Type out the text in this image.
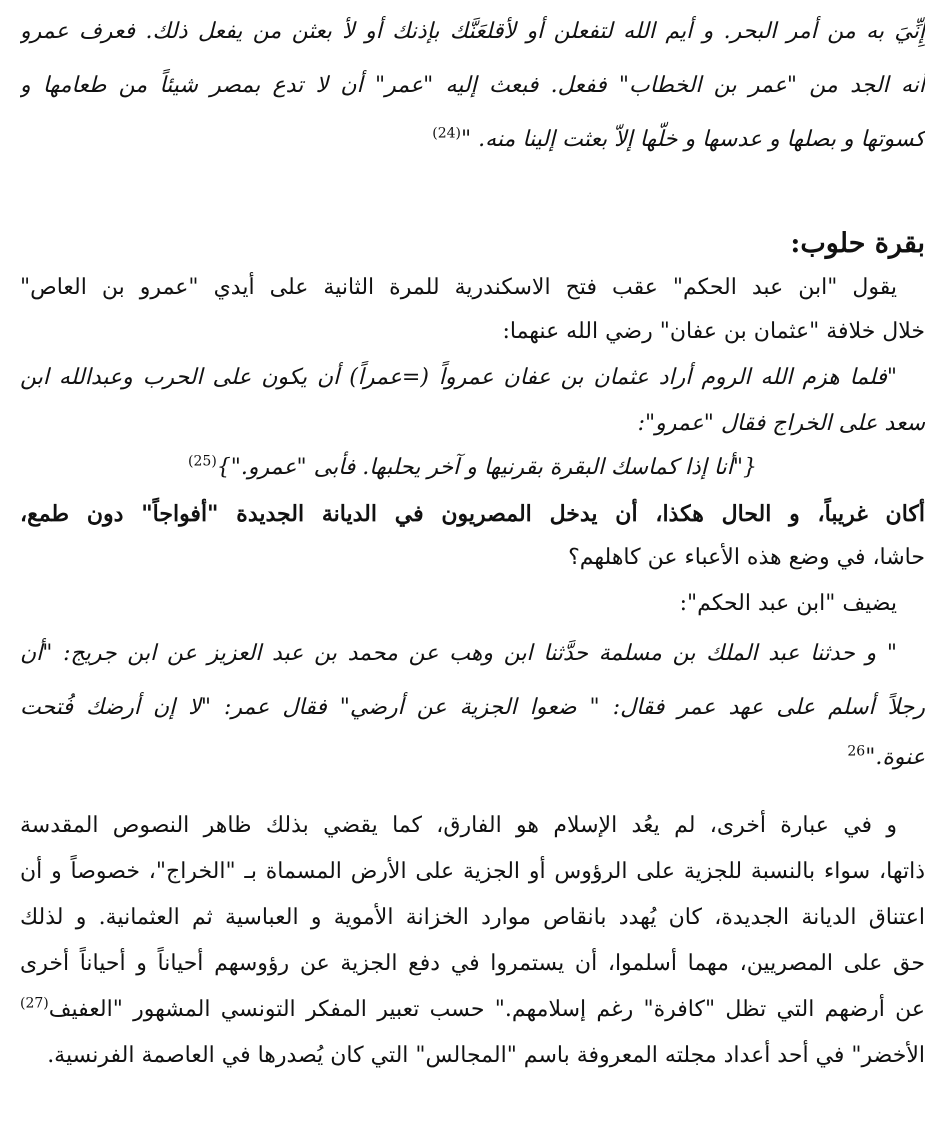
إِنِّيَ به من أمر البحر. و أيم الله لتفعلن أو لأقلعَنَّك بإذنك أو لأ بعثن من يفعل ذلك. فعرف عمرو
أنه الجد من "عمر بن الخطاب" ففعل. فبعث إليه "عمر" أن لا تدع بمصر شيئاً من طعامها و
كسوتها و بصلها و عدسها و خلّها إلاّ بعثت إلينا منه. "$^{(24)}$
بقرة حلوب:
يقول "ابن عبد الحكم" عقب فتح الاسكندرية للمرة الثانية على أيدي "عمرو بن العاص"
خلال خلافة "عثمان بن عفان" رضي الله عنهما:
"فلما هزم الله الروم أراد عثمان بن عفان عمرواً (=عمراً) أن يكون على الحرب وعبدالله ابن
سعد على الخراج فقال "عمرو":
{"أنا إذا كماسك البقرة بقرنيها و آخر يحلبها. فأبى "عمرو."}$^{(25)}$
أكان غريباً، و الحال هكذا، أن يدخل المصريون في الديانة الجديدة "أفواجاً" دون طمع،
حاشا، في وضع هذه الأعباء عن كاهلهم؟
يضيف "ابن عبد الحكم":
" و حدثنا عبد الملك بن مسلمة حدَّثنا ابن وهب عن محمد بن عبد العزيز عن ابن جريج: "أن
رجلاً أسلم على عهد عمر فقال: " ضعوا الجزية عن أرضي" فقال عمر: "لا إن أرضك فُتحت
عنوة."$^{26}$
و في عبارة أخرى، لم يعُد الإسلام هو الفارق، كما يقضي بذلك ظاهر النصوص المقدسة
ذاتها، سواء بالنسبة للجزية على الرؤوس أو الجزية على الأرض المسماة بـ "الخراج"، خصوصاً و أن
اعتناق الديانة الجديدة، كان يُهدد بانقاص موارد الخزانة الأموية و العباسية ثم العثمانية. و لذلك
حق على المصريين، مهما أسلموا، أن يستمروا في دفع الجزية عن رؤوسهم أحياناً و أحياناً أخرى
عن أرضهم التي تظل "كافرة" رغم إسلامهم." حسب تعبير المفكر التونسي المشهور "العفيف$^{(27)}$
الأخضر" في أحد أعداد مجلته المعروفة باسم "المجالس" التي كان يُصدرها في العاصمة الفرنسية.
